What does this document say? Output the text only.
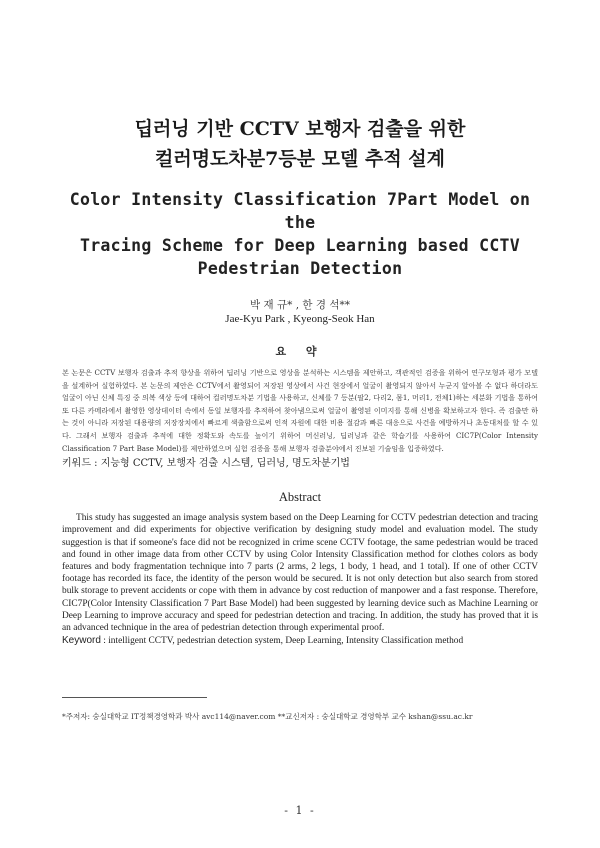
딥러닝 기반 CCTV 보행자 검출을 위한
컬러명도차분7등분 모델 추적 설계
Color Intensity Classification 7Part Model on the
Tracing Scheme for Deep Learning based CCTV
Pedestrian Detection
박 재 규* , 한 경 석**
Jae-Kyu Park , Kyeong-Seok Han
요 약

본 논문은 CCTV 보행자 검출과 추적 향상을 위하여 딥러닝 기반으로 영상을 분석하는 시스템을 제안하고, 객관적인 검증을 위하여 연구모형과 평가 모델을 설계하여 실험하였다. 본 논문의 제안은 CCTV에서 촬영되어 저장된 영상에서 사건 현장에서 얼굴이 촬영되지 않아서 누군지 알아볼 수 없다 하더라도 얼굴이 아닌 신체 특징 중 의복 색상 등에 대하여 컬러명도차분 기법을 사용하고, 신체를 7 등분(팔2, 다리2, 몸1, 머리1, 전체1)하는 세분화 기법을 통하여 또 다른 카메라에서 촬영한 영상데이터 속에서 동일 보행자를 추적하여 찾아냄으로써 얼굴이 촬영된 이미지를 통해 신병을 확보하고자 한다. 즉 검출만 하는 것이 아니라 저장된 대용량의 저장장치에서 빠르게 색출함으로써 인적 자원에 대한 비용 절감과 빠른 대응으로 사건을 예방하거나 초동대처를 할 수 있다. 그래서 보행자 검출과 추적에 대한 정확도와 속도를 높이기 위하여 머신러닝, 딥러닝과 같은 학습기를 사용하여 CIC7P(Color Intensity Classification 7 Part Base Model)를 제안하였으며 실험 검증을 통해 보행자 검출분야에서 진보된 기술임을 입증하였다.

키워드 : 지능형 CCTV, 보행자 검출 시스템, 딥러닝, 명도차분기법
Abstract

This study has suggested an image analysis system based on the Deep Learning for CCTV pedestrian detection and tracing improvement and did experiments for objective verification by designing study model and evaluation model. The study suggestion is that if someone's face did not be recognized in crime scene CCTV footage, the same pedestrian would be traced and found in other image data from other CCTV by using Color Intensity Classification method for clothes colors as body features and body fragmentation technique into 7 parts (2 arms, 2 legs, 1 body, 1 head, and 1 total). If one of other CCTV footage has recorded its face, the identity of the person would be secured. It is not only detection but also search from stored bulk storage to prevent accidents or cope with them in advance by cost reduction of manpower and a fast response. Therefore, CIC7P(Color Intensity Classification 7 Part Base Model) had been suggested by learning device such as Machine Learning or Deep Learning to improve accuracy and speed for pedestrian detection and tracing. In addition, the study has proved that it is an advanced technique in the area of pedestrian detection through experimental proof.

Keyword : intelligent CCTV, pedestrian detection system, Deep Learning, Intensity Classification method
*주저자: 숭실대학교 IT정책경영학과 박사 avc114@naver.com **교신저자 : 숭실대학교 경영학부 교수 kshan@ssu.ac.kr
- 1 -
